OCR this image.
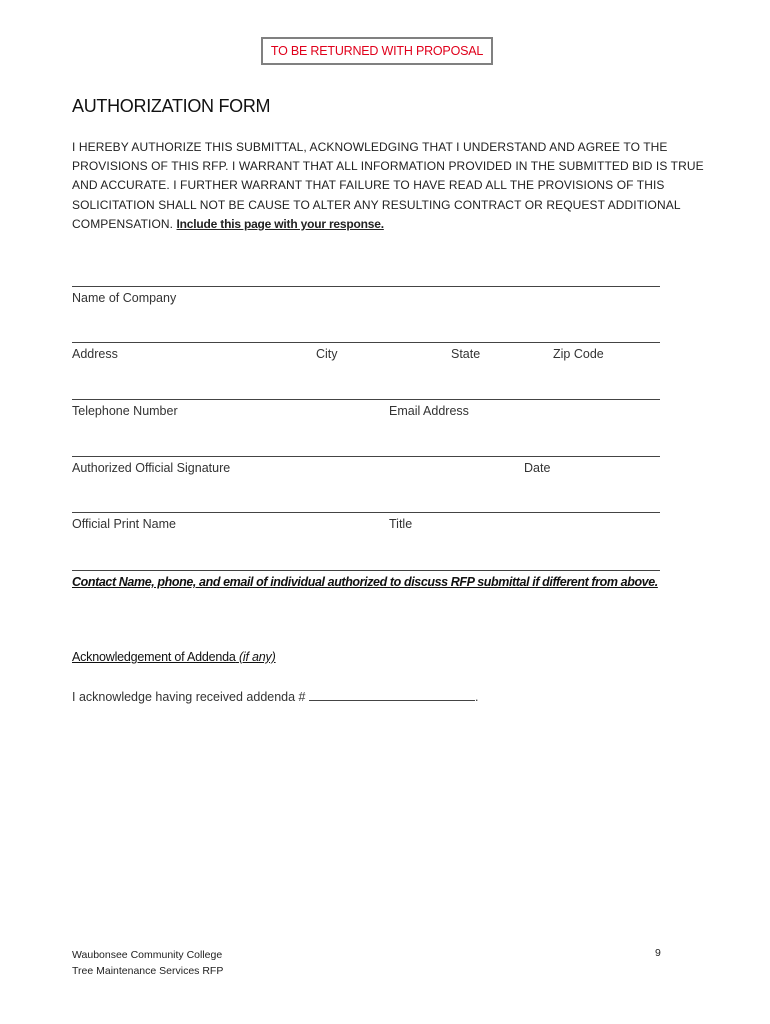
TO BE RETURNED WITH PROPOSAL
AUTHORIZATION FORM
I HEREBY AUTHORIZE THIS SUBMITTAL, ACKNOWLEDGING THAT I UNDERSTAND AND AGREE TO THE PROVISIONS OF THIS RFP. I WARRANT THAT ALL INFORMATION PROVIDED IN THE SUBMITTED BID IS TRUE AND ACCURATE. I FURTHER WARRANT THAT FAILURE TO HAVE READ ALL THE PROVISIONS OF THIS SOLICITATION SHALL NOT BE CAUSE TO ALTER ANY RESULTING CONTRACT OR REQUEST ADDITIONAL COMPENSATION. Include this page with your response.
Name of Company
Address	City	State	Zip Code
Telephone Number	Email Address
Authorized Official Signature	Date
Official Print Name	Title
Contact Name, phone, and email of individual authorized to discuss RFP submittal if different from above.
Acknowledgement of Addenda (if any)
I acknowledge having received addenda #	.
Waubonsee Community College
Tree Maintenance Services RFP
9
